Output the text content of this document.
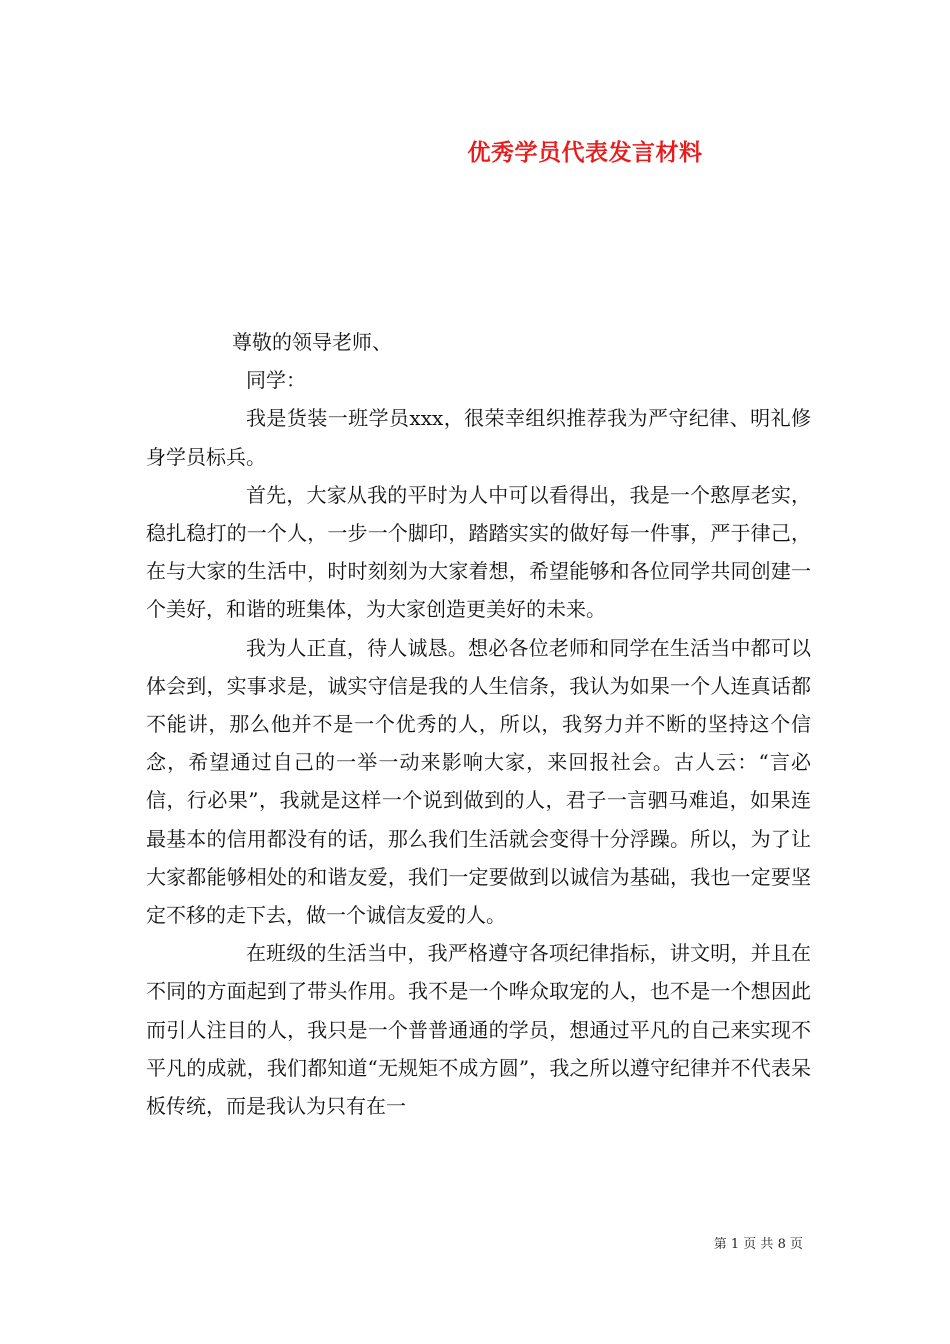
优秀学员代表发言材料

尊敬的领导老师、

同学：

我是货装一班学员xxx，很荣幸组织推荐我为严守纪律、明礼修身学员标兵。

首先，大家从我的平时为人中可以看得出，我是一个憨厚老实，稳扎稳打的一个人，一步一个脚印，踏踏实实的做好每一件事，严于律己，在与大家的生活中，时时刻刻为大家着想，希望能够和各位同学共同创建一个美好，和谐的班集体，为大家创造更美好的未来。

我为人正直，待人诚恳。想必各位老师和同学在生活当中都可以体会到，实事求是，诚实守信是我的人生信条，我认为如果一个人连真话都不能讲，那么他并不是一个优秀的人，所以，我努力并不断的坚持这个信念，希望通过自己的一举一动来影响大家，来回报社会。古人云：“言必信，行必果”，我就是这样一个说到做到的人，君子一言驷马难追，如果连最基本的信用都没有的话，那么我们生活就会变得十分浮躁。所以，为了让大家都能够相处的和谐友爱，我们一定要做到以诚信为基础，我也一定要坚定不移的走下去，做一个诚信友爱的人。

在班级的生活当中，我严格遵守各项纪律指标，讲文明，并且在不同的方面起到了带头作用。我不是一个哗众取宠的人，也不是一个想因此而引人注目的人，我只是一个普普通通的学员，想通过平凡的自己来实现不平凡的成就，我们都知道“无规矩不成方圆”，我之所以遵守纪律并不代表呆板传统，而是我认为只有在一

第 1 页 共 8 页
